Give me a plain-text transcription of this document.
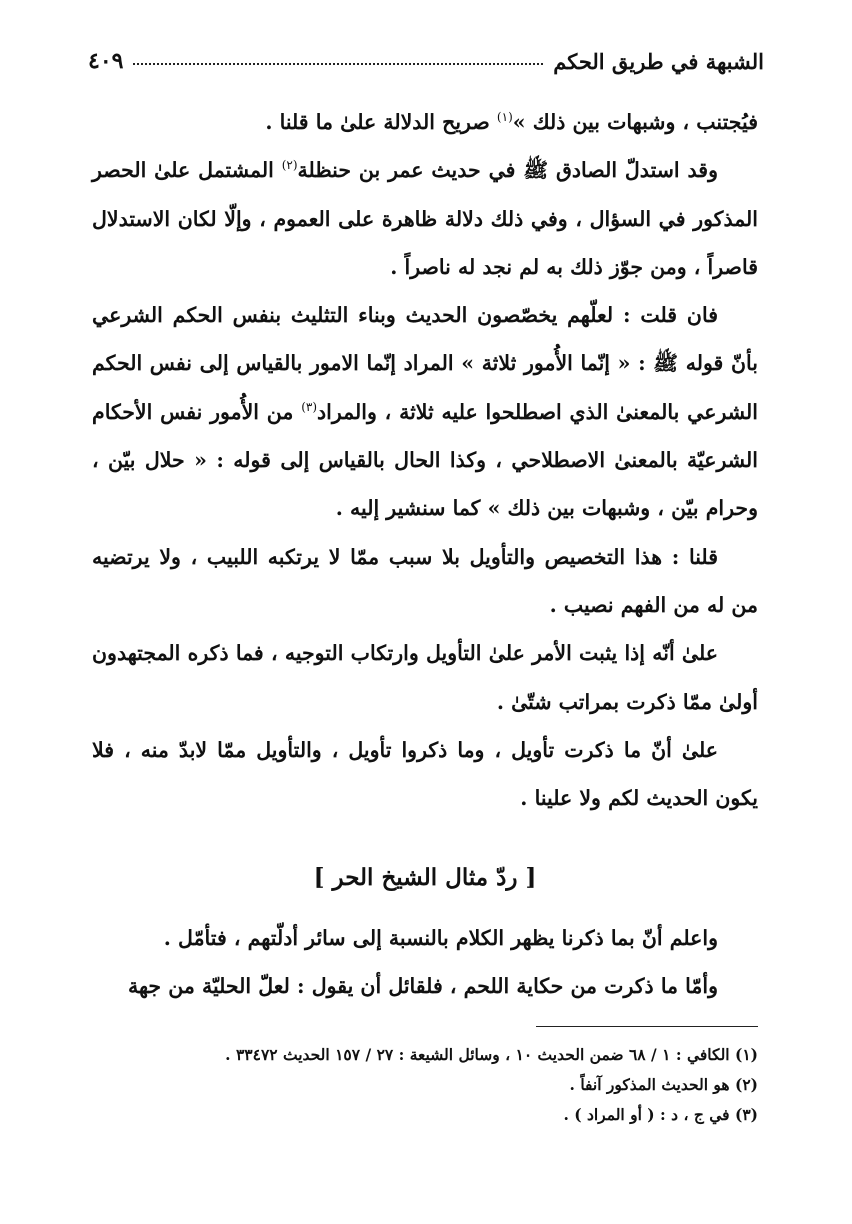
الشبهة في طريق الحكم
٤٠٩

فيُجتنب ، وشبهات بين ذلك »$^{(١)}$ صريح الدلالة علىٰ ما قلنا .

وقد استدلّ الصادق ﷺ في حديث عمر بن حنظلة$^{(٢)}$ المشتمل علىٰ الحصر المذكور في السؤال ، وفي ذلك دلالة ظاهرة على العموم ، وإلّا لكان الاستدلال قاصراً ، ومن جوّز ذلك به لم نجد له ناصراً .

فان قلت : لعلّهم يخصّصون الحديث وبناء التثليث بنفس الحكم الشرعي بأنّ قوله ﷺ : « إنّما الأُمور ثلاثة » المراد إنّما الامور بالقياس إلى نفس الحكم الشرعي بالمعنىٰ الذي اصطلحوا عليه ثلاثة ، والمراد$^{(٣)}$ من الأُمور نفس الأحكام الشرعيّة بالمعنىٰ الاصطلاحي ، وكذا الحال بالقياس إلى قوله : « حلال بيّن ، وحرام بيّن ، وشبهات بين ذلك » كما سنشير إليه .

قلنا : هذا التخصيص والتأويل بلا سبب ممّا لا يرتكبه اللبيب ، ولا يرتضيه من له من الفهم نصيب .

علىٰ أنّه إذا يثبت الأمر علىٰ التأويل وارتكاب التوجيه ، فما ذكره المجتهدون أولىٰ ممّا ذكرت بمراتب شتّىٰ .

علىٰ أنّ ما ذكرت تأويل ، وما ذكروا تأويل ، والتأويل ممّا لابدّ منه ، فلا يكون الحديث لكم ولا علينا .

[ ردّ مثال الشيخ الحر ]

واعلم أنّ بما ذكرنا يظهر الكلام بالنسبة إلى سائر أدلّتهم ، فتأمّل .

وأمّا ما ذكرت من حكاية اللحم ، فلقائل أن يقول : لعلّ الحليّة من جهة

(١) الكافي : ١ / ٦٨ ضمن الحديث ١٠ ، وسائل الشيعة : ٢٧ / ١٥٧ الحديث ٣٣٤٧٢ .

(٢) هو الحديث المذكور آنفاً .

(٣) في ج ، د : ( أو المراد ) .
